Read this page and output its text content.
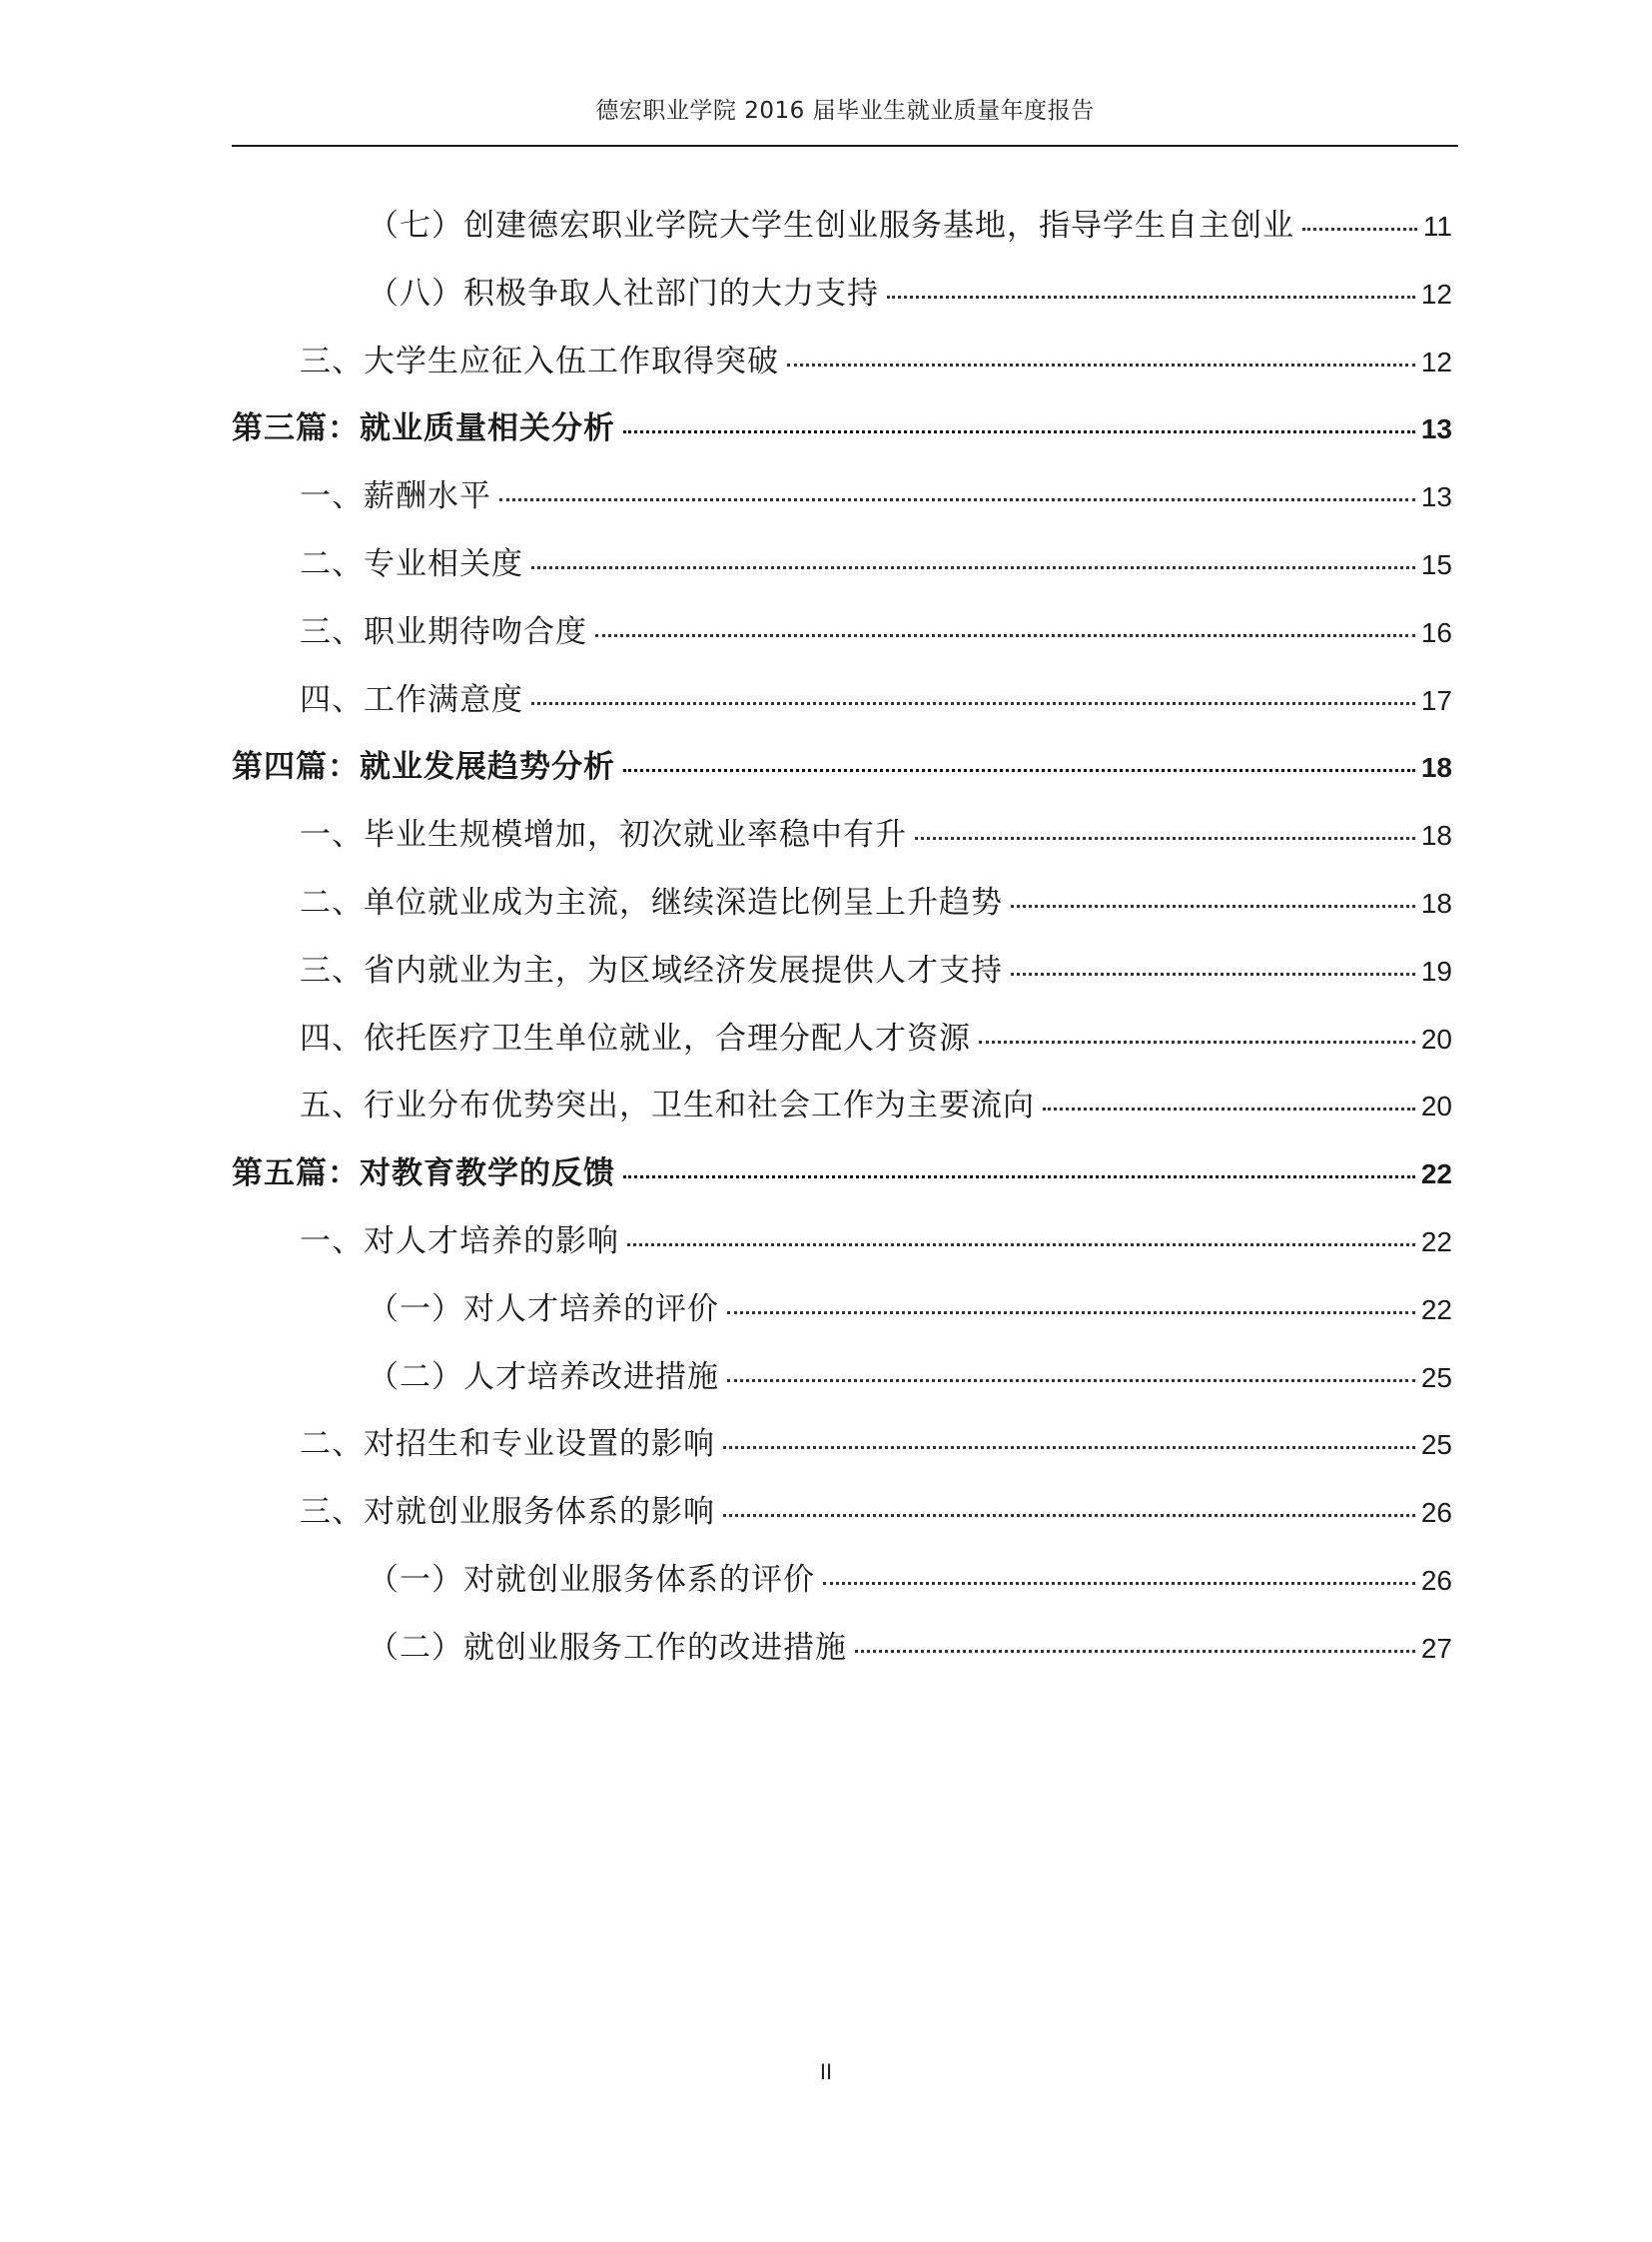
德宏职业学院 2016 届毕业生就业质量年度报告
（七）创建德宏职业学院大学生创业服务基地，指导学生自主创业	11
（八）积极争取人社部门的大力支持	12
三、大学生应征入伍工作取得突破	12
第三篇：就业质量相关分析	13
一、薪酬水平	13
二、专业相关度	15
三、职业期待吻合度	16
四、工作满意度	17
第四篇：就业发展趋势分析	18
一、毕业生规模增加，初次就业率稳中有升	18
二、单位就业成为主流，继续深造比例呈上升趋势	18
三、省内就业为主，为区域经济发展提供人才支持	19
四、依托医疗卫生单位就业，合理分配人才资源	20
五、行业分布优势突出，卫生和社会工作为主要流向	20
第五篇：对教育教学的反馈	22
一、对人才培养的影响	22
（一）对人才培养的评价	22
（二）人才培养改进措施	25
二、对招生和专业设置的影响	25
三、对就创业服务体系的影响	26
（一）对就创业服务体系的评价	26
（二）就创业服务工作的改进措施	27
II
